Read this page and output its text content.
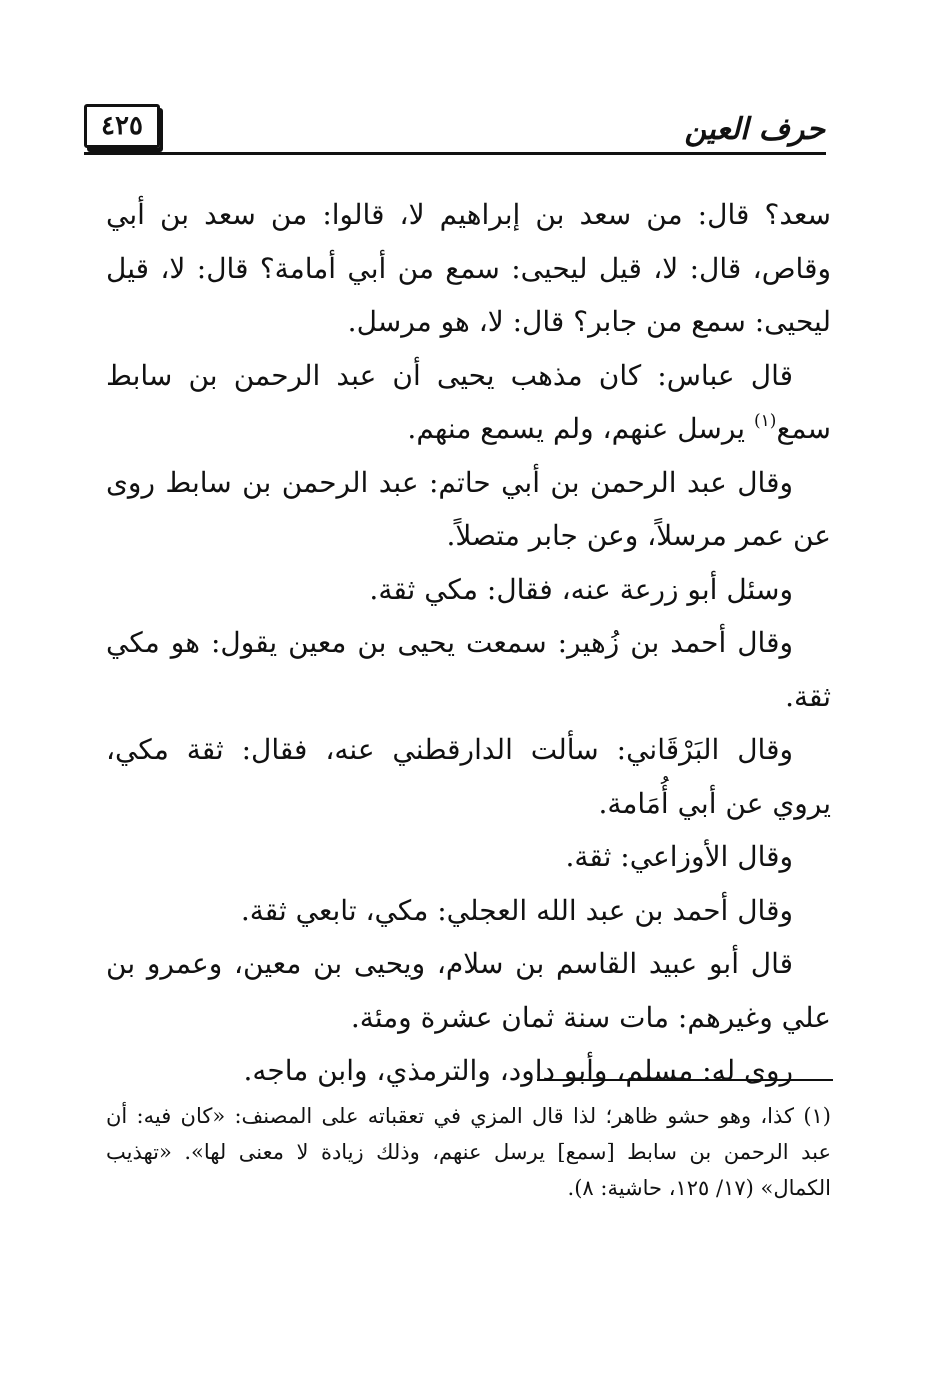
حرف العين
٤٢٥

سعد؟ قال: من سعد بن إبراهيم لا، قالوا: من سعد بن أبي وقاص، قال: لا، قيل ليحيى: سمع من أبي أمامة؟ قال: لا، قيل ليحيى: سمع من جابر؟ قال: لا، هو مرسل.

قال عباس: كان مذهب يحيى أن عبد الرحمن بن سابط سمع$^{(١)}$ يرسل عنهم، ولم يسمع منهم.

وقال عبد الرحمن بن أبي حاتم: عبد الرحمن بن سابط روى عن عمر مرسلاً، وعن جابر متصلاً.

وسئل أبو زرعة عنه، فقال: مكي ثقة.

وقال أحمد بن زُهير: سمعت يحيى بن معين يقول: هو مكي ثقة.

وقال البَرْقَاني: سألت الدارقطني عنه، فقال: ثقة مكي، يروي عن أبي أُمَامة.

وقال الأوزاعي: ثقة.

وقال أحمد بن عبد الله العجلي: مكي، تابعي ثقة.

قال أبو عبيد القاسم بن سلام، ويحيى بن معين، وعمرو بن علي وغيرهم: مات سنة ثمان عشرة ومئة.

روى له: مسلم، وأبو داود، والترمذي، وابن ماجه.

(١) كذا، وهو حشو ظاهر؛ لذا قال المزي في تعقباته على المصنف: «كان فيه: أن عبد الرحمن بن سابط [سمع] يرسل عنهم، وذلك زيادة لا معنى لها». «تهذيب الكمال» (١٧/ ١٢٥، حاشية: ٨).
